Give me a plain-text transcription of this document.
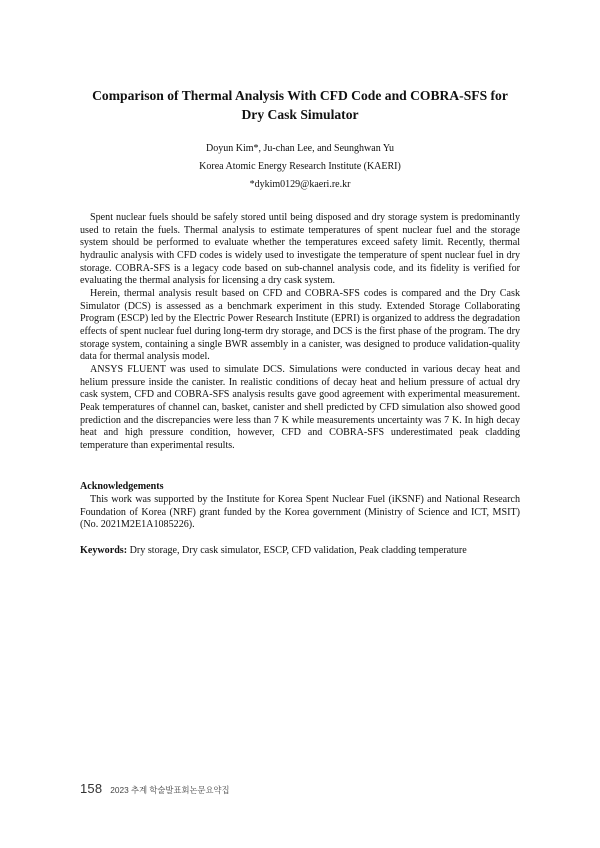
Comparison of Thermal Analysis With CFD Code and COBRA-SFS for
Dry Cask Simulator

Doyun Kim*, Ju-chan Lee, and Seunghwan Yu

Korea Atomic Energy Research Institute (KAERI)

*dykim0129@kaeri.re.kr

Spent nuclear fuels should be safely stored until being disposed and dry storage system is predominantly used to retain the fuels. Thermal analysis to estimate temperatures of spent nuclear fuel and the storage system should be performed to evaluate whether the temperatures exceed safety limit. Recently, thermal hydraulic analysis with CFD codes is widely used to investigate the temperature of spent nuclear fuel in dry storage. COBRA-SFS is a legacy code based on sub-channel analysis code, and its fidelity is verified for evaluating the thermal analysis for licensing a dry cask system.

Herein, thermal analysis result based on CFD and COBRA-SFS codes is compared and the Dry Cask Simulator (DCS) is assessed as a benchmark experiment in this study. Extended Storage Collaborating Program (ESCP) led by the Electric Power Research Institute (EPRI) is organized to address the degradation effects of spent nuclear fuel during long-term dry storage, and DCS is the first phase of the program. The dry storage system, containing a single BWR assembly in a canister, was designed to produce validation-quality data for thermal analysis model.

ANSYS FLUENT was used to simulate DCS. Simulations were conducted in various decay heat and helium pressure inside the canister. In realistic conditions of decay heat and helium pressure of actual dry cask system, CFD and COBRA-SFS analysis results gave good agreement with experimental measurement. Peak temperatures of channel can, basket, canister and shell predicted by CFD simulation also showed good prediction and the discrepancies were less than 7 K while measurements uncertainty was 7 K. In high decay heat and high pressure condition, however, CFD and COBRA-SFS underestimated peak cladding temperature than experimental results.

Acknowledgements

This work was supported by the Institute for Korea Spent Nuclear Fuel (iKSNF) and National Research Foundation of Korea (NRF) grant funded by the Korea government (Ministry of Science and ICT, MSIT) (No. 2021M2E1A1085226).

Keywords: Dry storage, Dry cask simulator, ESCP, CFD validation, Peak cladding temperature

158 2023 추계 학술발표회논문요약집
